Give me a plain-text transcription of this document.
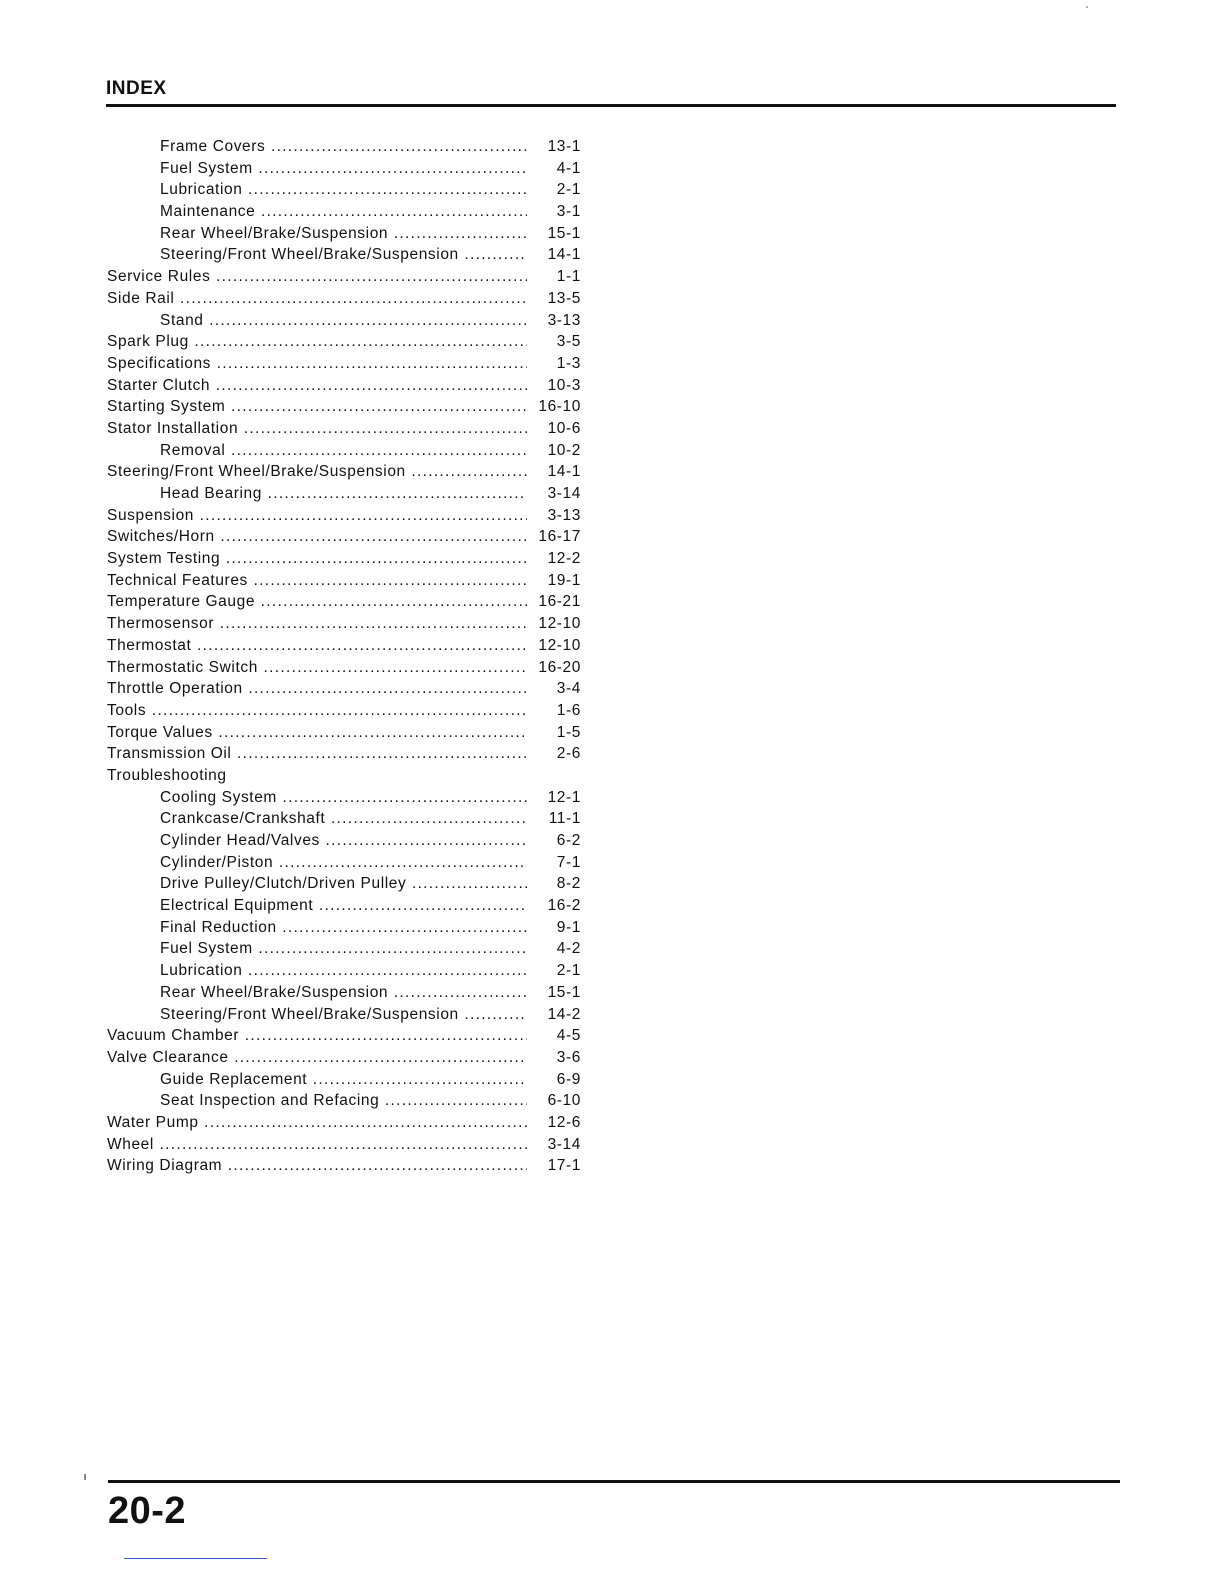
INDEX
Frame Covers .....	13-1
Fuel System .....	4-1
Lubrication .....	2-1
Maintenance .....	3-1
Rear Wheel/Brake/Suspension .....	15-1
Steering/Front Wheel/Brake/Suspension .....	14-1
Service Rules .....	1-1
Side Rail .....	13-5
Stand .....	3-13
Spark Plug .....	3-5
Specifications .....	1-3
Starter Clutch .....	10-3
Starting System .....	16-10
Stator Installation .....	10-6
Removal .....	10-2
Steering/Front Wheel/Brake/Suspension .....	14-1
Head Bearing .....	3-14
Suspension .....	3-13
Switches/Horn .....	16-17
System Testing .....	12-2
Technical Features .....	19-1
Temperature Gauge .....	16-21
Thermosensor .....	12-10
Thermostat .....	12-10
Thermostatic Switch .....	16-20
Throttle Operation .....	3-4
Tools .....	1-6
Torque Values .....	1-5
Transmission Oil .....	2-6
Troubleshooting
Cooling System .....	12-1
Crankcase/Crankshaft .....	11-1
Cylinder Head/Valves .....	6-2
Cylinder/Piston .....	7-1
Drive Pulley/Clutch/Driven Pulley .....	8-2
Electrical Equipment .....	16-2
Final Reduction .....	9-1
Fuel System .....	4-2
Lubrication .....	2-1
Rear Wheel/Brake/Suspension .....	15-1
Steering/Front Wheel/Brake/Suspension .....	14-2
Vacuum Chamber .....	4-5
Valve Clearance .....	3-6
Guide Replacement .....	6-9
Seat Inspection and Refacing .....	6-10
Water Pump .....	12-6
Wheel .....	3-14
Wiring Diagram .....	17-1
20-2
